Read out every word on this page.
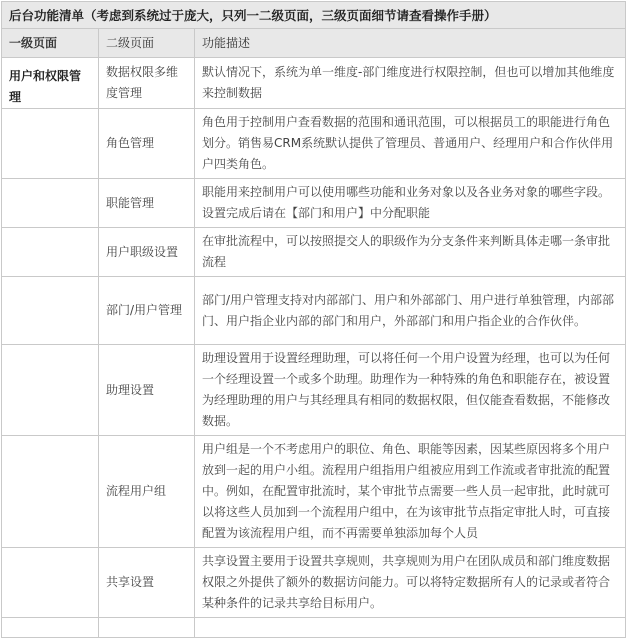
后台功能清单（考虑到系统过于庞大，只列一二级页面，三级页面细节请查看操作手册）		
一级页面	二级页面	功能描述
用户和权限管理	数据权限多维度管理	默认情况下，系统为单一维度-部门维度进行权限控制，但也可以增加其他维度来控制数据
	角色管理	角色用于控制用户查看数据的范围和通讯范围，可以根据员工的职能进行角色划分。销售易CRM系统默认提供了管理员、普通用户、经理用户和合作伙伴用户四类角色。
	职能管理	职能用来控制用户可以使用哪些功能和业务对象以及各业务对象的哪些字段。设置完成后请在【部门和用户】中分配职能
	用户职级设置	在审批流程中，可以按照提交人的职级作为分支条件来判断具体走哪一条审批流程
	部门/用户管理	部门/用户管理支持对内部部门、用户和外部部门、用户进行单独管理，内部部门、用户指企业内部的部门和用户，外部部门和用户指企业的合作伙伴。
	助理设置	助理设置用于设置经理助理，可以将任何一个用户设置为经理，也可以为任何一个经理设置一个或多个助理。助理作为一种特殊的角色和职能存在，被设置为经理助理的用户与其经理具有相同的数据权限，但仅能查看数据，不能修改数据。
	流程用户组	用户组是一个不考虑用户的职位、角色、职能等因素，因某些原因将多个用户放到一起的用户小组。流程用户组指用户组被应用到工作流或者审批流的配置中。例如，在配置审批流时，某个审批节点需要一些人员一起审批，此时就可以将这些人员加到一个流程用户组中，在为该审批节点指定审批人时，可直接配置为该流程用户组，而不再需要单独添加每个人员
	共享设置	共享设置主要用于设置共享规则，共享规则为用户在团队成员和部门维度数据权限之外提供了额外的数据访问能力。可以将特定数据所有人的记录或者符合某种条件的记录共享给目标用户。
